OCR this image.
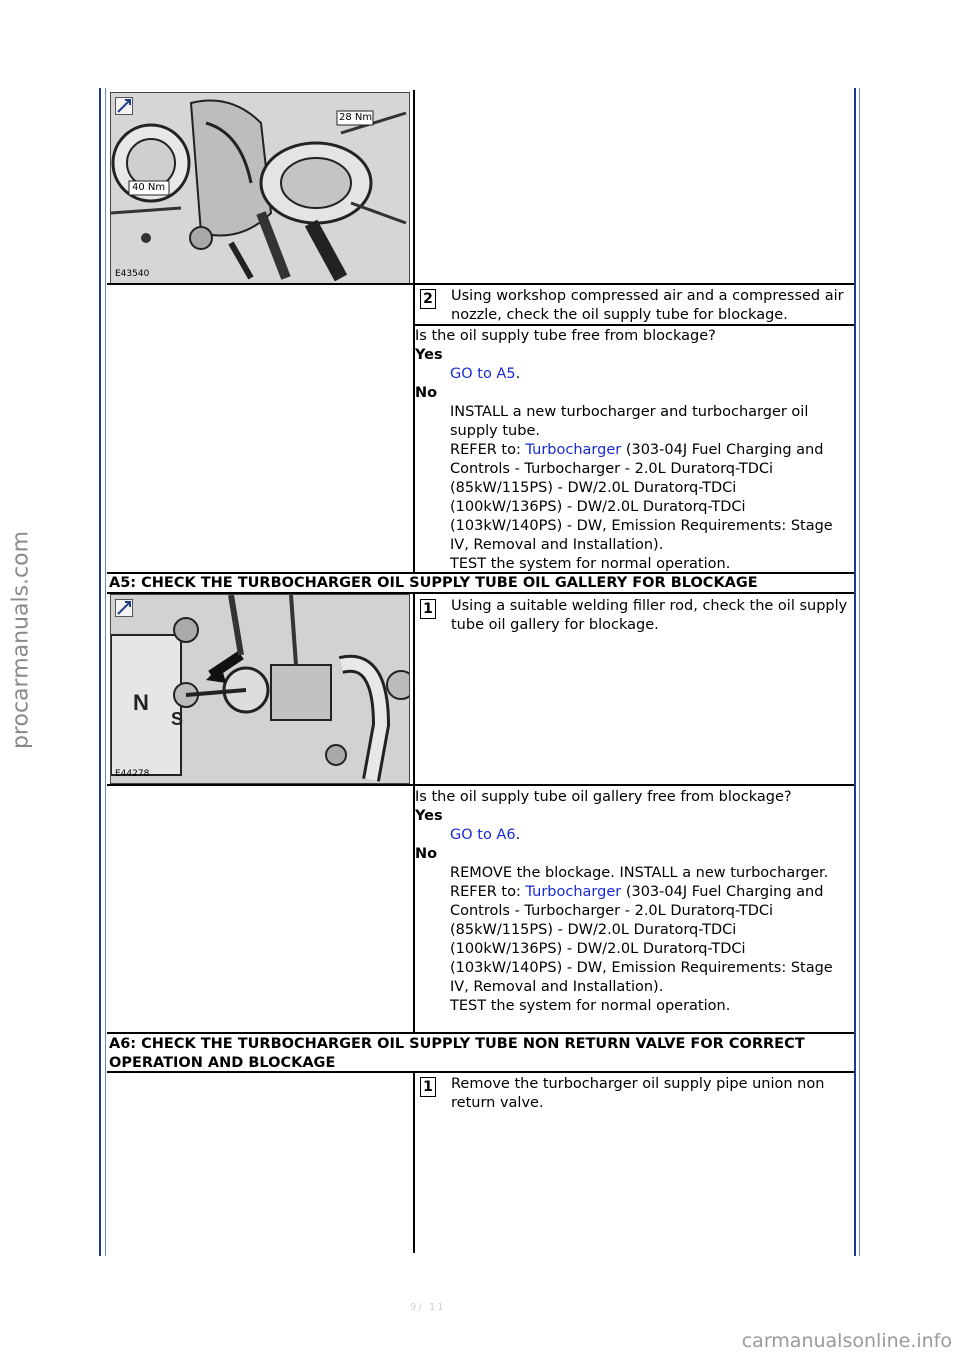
procarmanuals.com
carmanualsonline.info
9/ 11
28 Nm
40 Nm
E43540
2 Using workshop compressed air and a compressed air nozzle, check the oil supply tube for blockage.
Is the oil supply tube free from blockage?
Yes
GO to A5.
No
INSTALL a new turbocharger and turbocharger oil supply tube.
REFER to: Turbocharger (303-04J Fuel Charging and Controls - Turbocharger - 2.0L Duratorq-TDCi (85kW/115PS) - DW/2.0L Duratorq-TDCi (100kW/136PS) - DW/2.0L Duratorq-TDCi (103kW/140PS) - DW, Emission Requirements: Stage IV, Removal and Installation).
TEST the system for normal operation.
A5: CHECK THE TURBOCHARGER OIL SUPPLY TUBE OIL GALLERY FOR BLOCKAGE
N
S
E44278
1 Using a suitable welding filler rod, check the oil supply tube oil gallery for blockage.
Is the oil supply tube oil gallery free from blockage?
Yes
GO to A6.
No
REMOVE the blockage. INSTALL a new turbocharger.
REFER to: Turbocharger (303-04J Fuel Charging and Controls - Turbocharger - 2.0L Duratorq-TDCi (85kW/115PS) - DW/2.0L Duratorq-TDCi (100kW/136PS) - DW/2.0L Duratorq-TDCi (103kW/140PS) - DW, Emission Requirements: Stage IV, Removal and Installation).
TEST the system for normal operation.
A6: CHECK THE TURBOCHARGER OIL SUPPLY TUBE NON RETURN VALVE FOR CORRECT OPERATION AND BLOCKAGE
1 Remove the turbocharger oil supply pipe union non return valve.
